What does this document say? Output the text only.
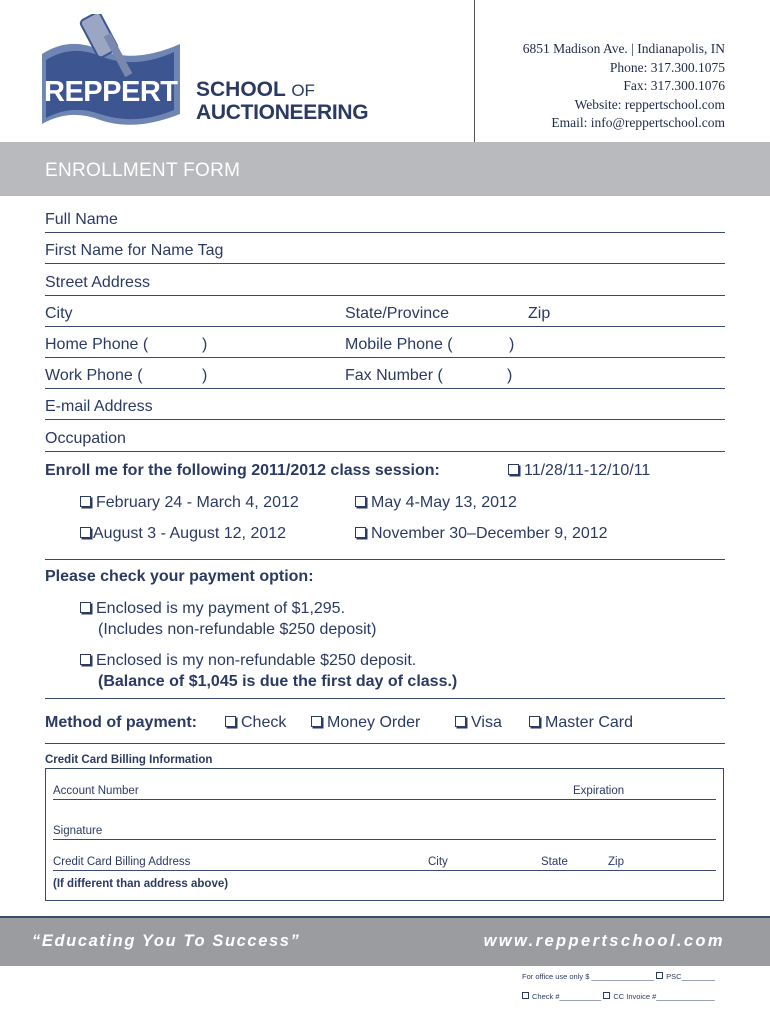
REPPERT SCHOOL OF
AUCTIONEERING
6851 Madison Ave. | Indianapolis, IN
Phone: 317.300.1075
Fax: 317.300.1076
Website: reppertschool.com
Email: info@reppertschool.com
ENROLLMENT FORM
Full Name
First Name for Name Tag
Street Address
City	State/Province	Zip
Home Phone (	)	Mobile Phone (	)
Work Phone (	)	Fax Number (	)
E-mail Address
Occupation
Enroll me for the following 2011/2012 class session:	11/28/11-12/10/11
February 24 - March 4, 2012	May 4-May 13, 2012
August 3 - August 12, 2012	November 30–December 9, 2012
Please check your payment option:
Enclosed is my payment of $1,295.
(Includes non-refundable $250 deposit)
Enclosed is my non-refundable $250 deposit.
(Balance of $1,045 is due the first day of class.)
Method of payment:	Check	Money Order	Visa	Master Card
Credit Card Billing Information
Account Number	Expiration
Signature
Credit Card Billing Address	City	State	Zip
(If different than address above)
“Educating You To Success”	www.reppertschool.com
For office use only $ _______________ PSC________
Check #__________ CC Invoice #______________
